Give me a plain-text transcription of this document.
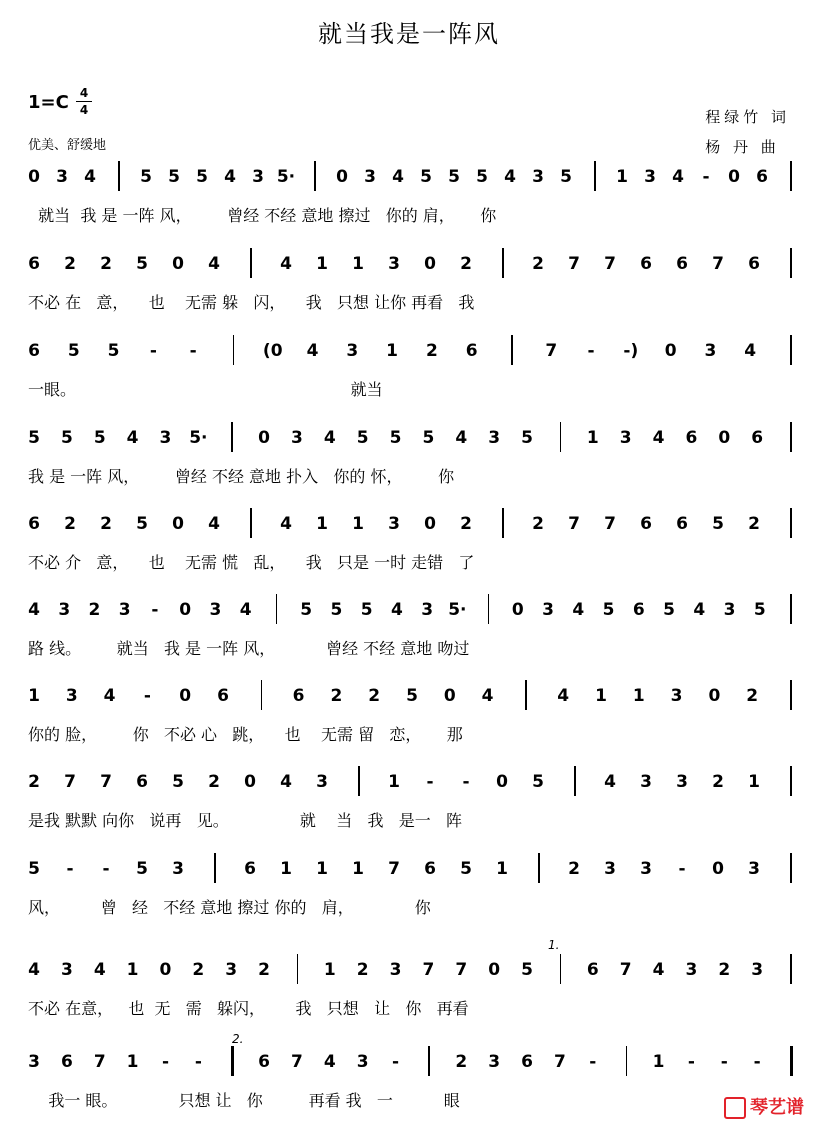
就当我是一阵风
1=C 4
4
优美、舒缓地
程绿竹 词
杨 丹 曲
0 3 4	5 5 5 4 3 5· 0 3 4 5 5 5 4 3 5	1 3 4 - 0 6
就当  我 是 一阵 风，       曾经 不经 意地 擦过   你的 肩，     你
6 2 2 5 0 4	4 1 1 3 0 2	2 7 7 6 6 7 6
不必 在   意，    也    无需 躲   闪，    我   只想 让你 再看   我
6 5 5 - -	(0 4 3 1 2 6	7 - -) 0 3 4
一眼。                                                      就当
5 5 5 4 3 5·	0 3 4 5 5 5 4 3 5	1 3 4 6 0 6
我 是 一阵 风，       曾经 不经 意地 扑入   你的 怀，       你
6 2 2 5 0 4	4 1 1 3 0 2	2 7 7 6 6 5 2
不必 介   意，    也    无需 慌   乱，    我   只是 一时 走错   了
4 3 2 3 - 0 3 4	5 5 5 4 3 5·	0 3 4 5 6 5 4 3 5
路 线。       就当   我 是 一阵 风，          曾经 不经 意地 吻过
1 3 4 - 0 6	6 2 2 5 0 4	4 1 1 3 0 2
你的 脸，       你   不必 心   跳，    也    无需 留   恋，     那
2 7 7 6 5 2 0 4 3	1 - - 0 5	4 3 3 2 1
是我 默默 向你   说再   见。              就    当   我   是一   阵
5 - - 5 3	6 1 1 1 7 6 5 1	2 3 3 - 0 3
风，        曾   经   不经 意地 擦过 你的   肩，            你
4 3 4 1 0 2 3 2	1 2 3 7 7 0 5	6 7 4 3 2 3
不必 在意，   也  无   需   躲闪，      我   只想   让   你   再看
3 6 7 1 - -	6 7 4 3 -	2 3 6 7 -	1 - - -
我一 眼。            只想 让   你         再看 我   一          眼	琴艺谱
1.
2.
